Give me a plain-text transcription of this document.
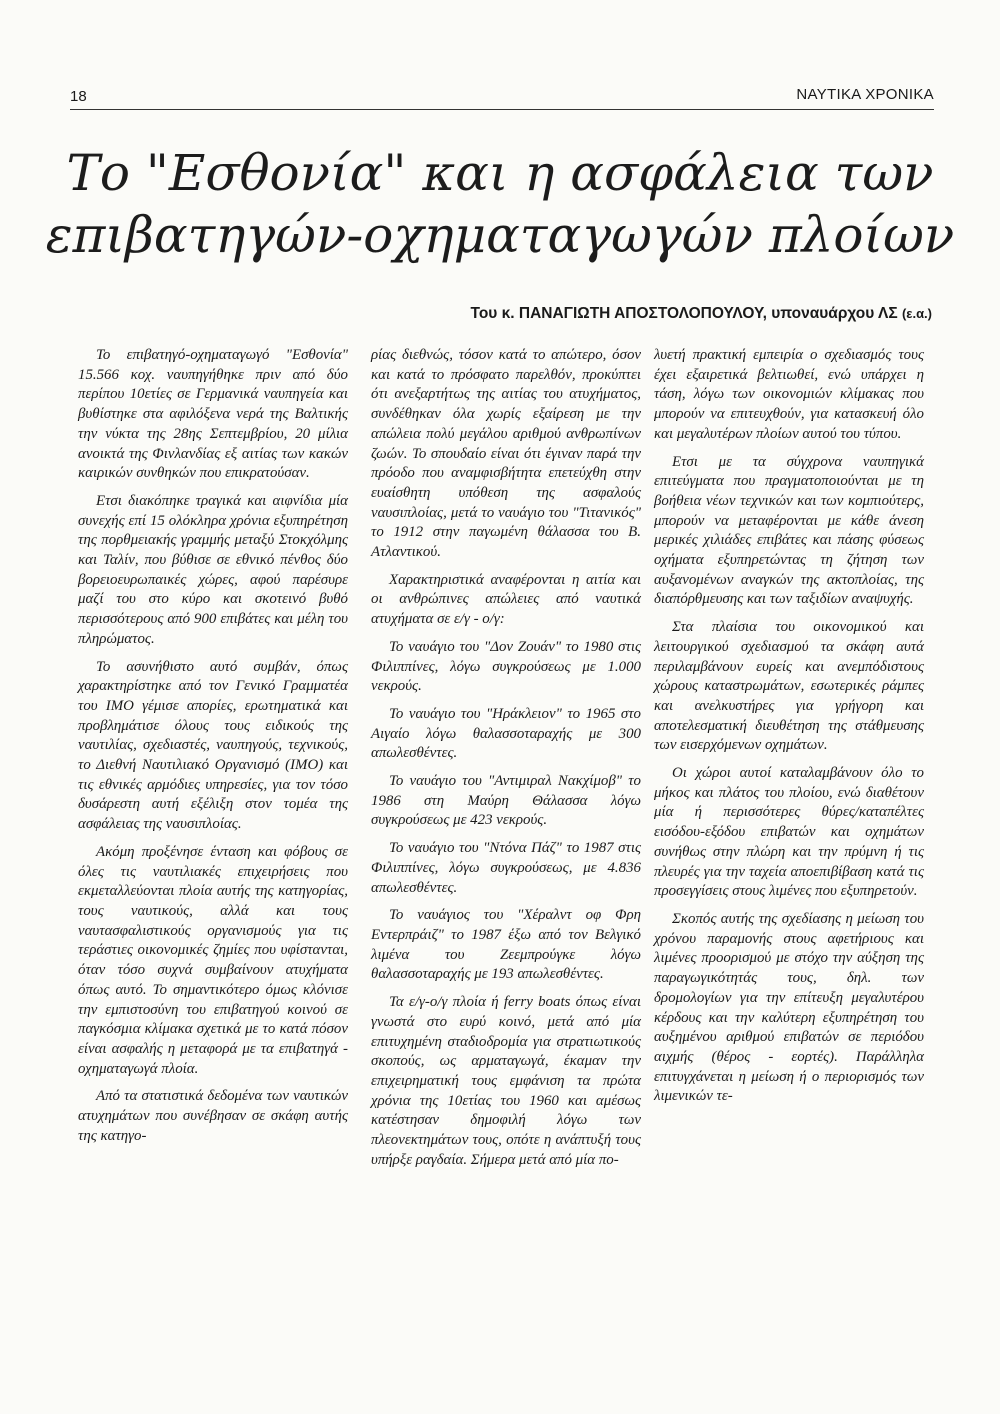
18	ΝΑΥΤΙΚΑ ΧΡΟΝΙΚΑ
Το "Εσθονία" και η ασφάλεια των
επιβατηγών-οχηματαγωγών πλοίων
Του κ. ΠΑΝΑΓΙΩΤΗ ΑΠΟΣΤΟΛΟΠΟΥΛΟΥ, υποναυάρχου ΛΣ (ε.α.)

Το επιβατηγό-οχηματαγωγό "Εσθονία" 15.566 κοχ. ναυπηγήθηκε πριν από δύο περίπου 10ετίες σε Γερμανικά ναυπηγεία και βυθίστηκε στα αφιλόξενα νερά της Βαλτικής την νύκτα της 28ης Σεπτεμβρίου, 20 μίλια ανοικτά της Φινλανδίας εξ αιτίας των κακών καιρικών συνθηκών που επικρατούσαν.

Ετσι διακόπηκε τραγικά και αιφνίδια μία συνεχής επί 15 ολόκληρα χρόνια εξυπηρέτηση της πορθμειακής γραμμής μεταξύ Στοκχόλμης και Ταλίν, που βύθισε σε εθνικό πένθος δύο βορειοευρωπαικές χώρες, αφού παρέσυρε μαζί του στο κύρο και σκοτεινό βυθό περισσότερους από 900 επιβάτες και μέλη του πληρώματος.

Το ασυνήθιστο αυτό συμβάν, όπως χαρακτηρίστηκε από τον Γενικό Γραμματέα του ΙΜΟ γέμισε απορίες, ερωτηματικά και προβλημάτισε όλους τους ειδικούς της ναυτιλίας, σχεδιαστές, ναυπηγούς, τεχνικούς, το Διεθνή Ναυτιλιακό Οργανισμό (ΙΜΟ) και τις εθνικές αρμόδιες υπηρεσίες, για τον τόσο δυσάρεστη αυτή εξέλιξη στον τομέα της ασφάλειας της ναυσιπλοίας.

Ακόμη προξένησε ένταση και φόβους σε όλες τις ναυτιλιακές επιχειρήσεις που εκμεταλλεύονται πλοία αυτής της κατηγορίας, τους ναυτικούς, αλλά και τους ναυτασφαλιστικούς οργανισμούς για τις τεράστιες οικονομικές ζημίες που υφίστανται, όταν τόσο συχνά συμβαίνουν ατυχήματα όπως αυτό. Το σημαντικότερο όμως κλόνισε την εμπιστοσύνη του επιβατηγού κοινού σε παγκόσμια κλίμακα σχετικά με το κατά πόσον είναι ασφαλής η μεταφορά με τα επιβατηγά - οχηματαγωγά πλοία.

Από τα στατιστικά δεδομένα των ναυτικών ατυχημάτων που συνέβησαν σε σκάφη αυτής της κατηγο-

ρίας διεθνώς, τόσον κατά το απώτερο, όσον και κατά το πρόσφατο παρελθόν, προκύπτει ότι ανεξαρτήτως της αιτίας του ατυχήματος, συνδέθηκαν όλα χωρίς εξαίρεση με την απώλεια πολύ μεγάλου αριθμού ανθρωπίνων ζωών. Το σπουδαίο είναι ότι έγιναν παρά την πρόοδο που αναμφισβήτητα επετεύχθη στην ευαίσθητη υπόθεση της ασφαλούς ναυσιπλοίας, μετά το ναυάγιο του "Τιτανικός" το 1912 στην παγωμένη θάλασσα του Β. Ατλαντικού.

Χαρακτηριστικά αναφέρονται η αιτία και οι ανθρώπινες απώλειες από ναυτικά ατυχήματα σε ε/γ - ο/γ:

Το ναυάγιο του "Δον Ζουάν" το 1980 στις Φιλιππίνες, λόγω συγκρούσεως με 1.000 νεκρούς.

Το ναυάγιο του "Ηράκλειον" το 1965 στο Αιγαίο λόγω θαλασσοταραχής με 300 απωλεσθέντες.

Το ναυάγιο του "Αντιμιραλ Νακχίμοβ" το 1986 στη Μαύρη Θάλασσα λόγω συγκρούσεως με 423 νεκρούς.

Το ναυάγιο του "Ντόνα Πάζ" το 1987 στις Φιλιππίνες, λόγω συγκρούσεως, με 4.836 απωλεσθέντες.

Το ναυάγιος του "Χέραλντ οφ Φρη Εντερπράιζ" το 1987 έξω από τον Βελγικό λιμένα του Ζεεμπρούγκε λόγω θαλασσοταραχής με 193 απωλεσθέντες.

Τα ε/γ-ο/γ πλοία ή ferry boats όπως είναι γνωστά στο ευρύ κοινό, μετά από μία επιτυχημένη σταδιοδρομία για στρατιωτικούς σκοπούς, ως αρματαγωγά, έκαμαν την επιχειρηματική τους εμφάνιση τα πρώτα χρόνια της 10ετίας του 1960 και αμέσως κατέστησαν δημοφιλή λόγω των πλεονεκτημάτων τους, οπότε η ανάπτυξή τους υπήρξε ραγδαία. Σήμερα μετά από μία πο-

λυετή πρακτική εμπειρία ο σχεδιασμός τους έχει εξαιρετικά βελτιωθεί, ενώ υπάρχει η τάση, λόγω των οικονομιών κλίμακας που μπορούν να επιτευχθούν, για κατασκευή όλο και μεγαλυτέρων πλοίων αυτού του τύπου.

Ετσι με τα σύγχρονα ναυπηγικά επιτεύγματα που πραγματοποιούνται με τη βοήθεια νέων τεχνικών και των κομπιούτερς, μπορούν να μεταφέρονται με κάθε άνεση μερικές χιλιάδες επιβάτες και πάσης φύσεως οχήματα εξυπηρετώντας τη ζήτηση των αυξανομένων αναγκών της ακτοπλοίας, της διαπόρθμευσης και των ταξιδίων αναψυχής.

Στα πλαίσια του οικονομικού και λειτουργικού σχεδιασμού τα σκάφη αυτά περιλαμβάνουν ευρείς και ανεμπόδιστους χώρους καταστρωμάτων, εσωτερικές ράμπες και ανελκυστήρες για γρήγορη και αποτελεσματική διευθέτηση της στάθμευσης των εισερχόμενων οχημάτων.

Οι χώροι αυτοί καταλαμβάνουν όλο το μήκος και πλάτος του πλοίου, ενώ διαθέτουν μία ή περισσότερες θύρες/καταπέλτες εισόδου-εξόδου επιβατών και οχημάτων συνήθως στην πλώρη και την πρύμνη ή τις πλευρές για την ταχεία αποεπιβίβαση κατά τις προσεγγίσεις στους λιμένες που εξυπηρετούν.

Σκοπός αυτής της σχεδίασης η μείωση του χρόνου παραμονής στους αφετήριους και λιμένες προορισμού με στόχο την αύξηση της παραγωγικότητάς τους, δηλ. των δρομολογίων για την επίτευξη μεγαλυτέρου κέρδους και την καλύτερη εξυπηρέτηση του αυξημένου αριθμού επιβατών σε περιόδου αιχμής (θέρος - εορτές). Παράλληλα επιτυγχάνεται η μείωση ή ο περιορισμός των λιμενικών τε-
